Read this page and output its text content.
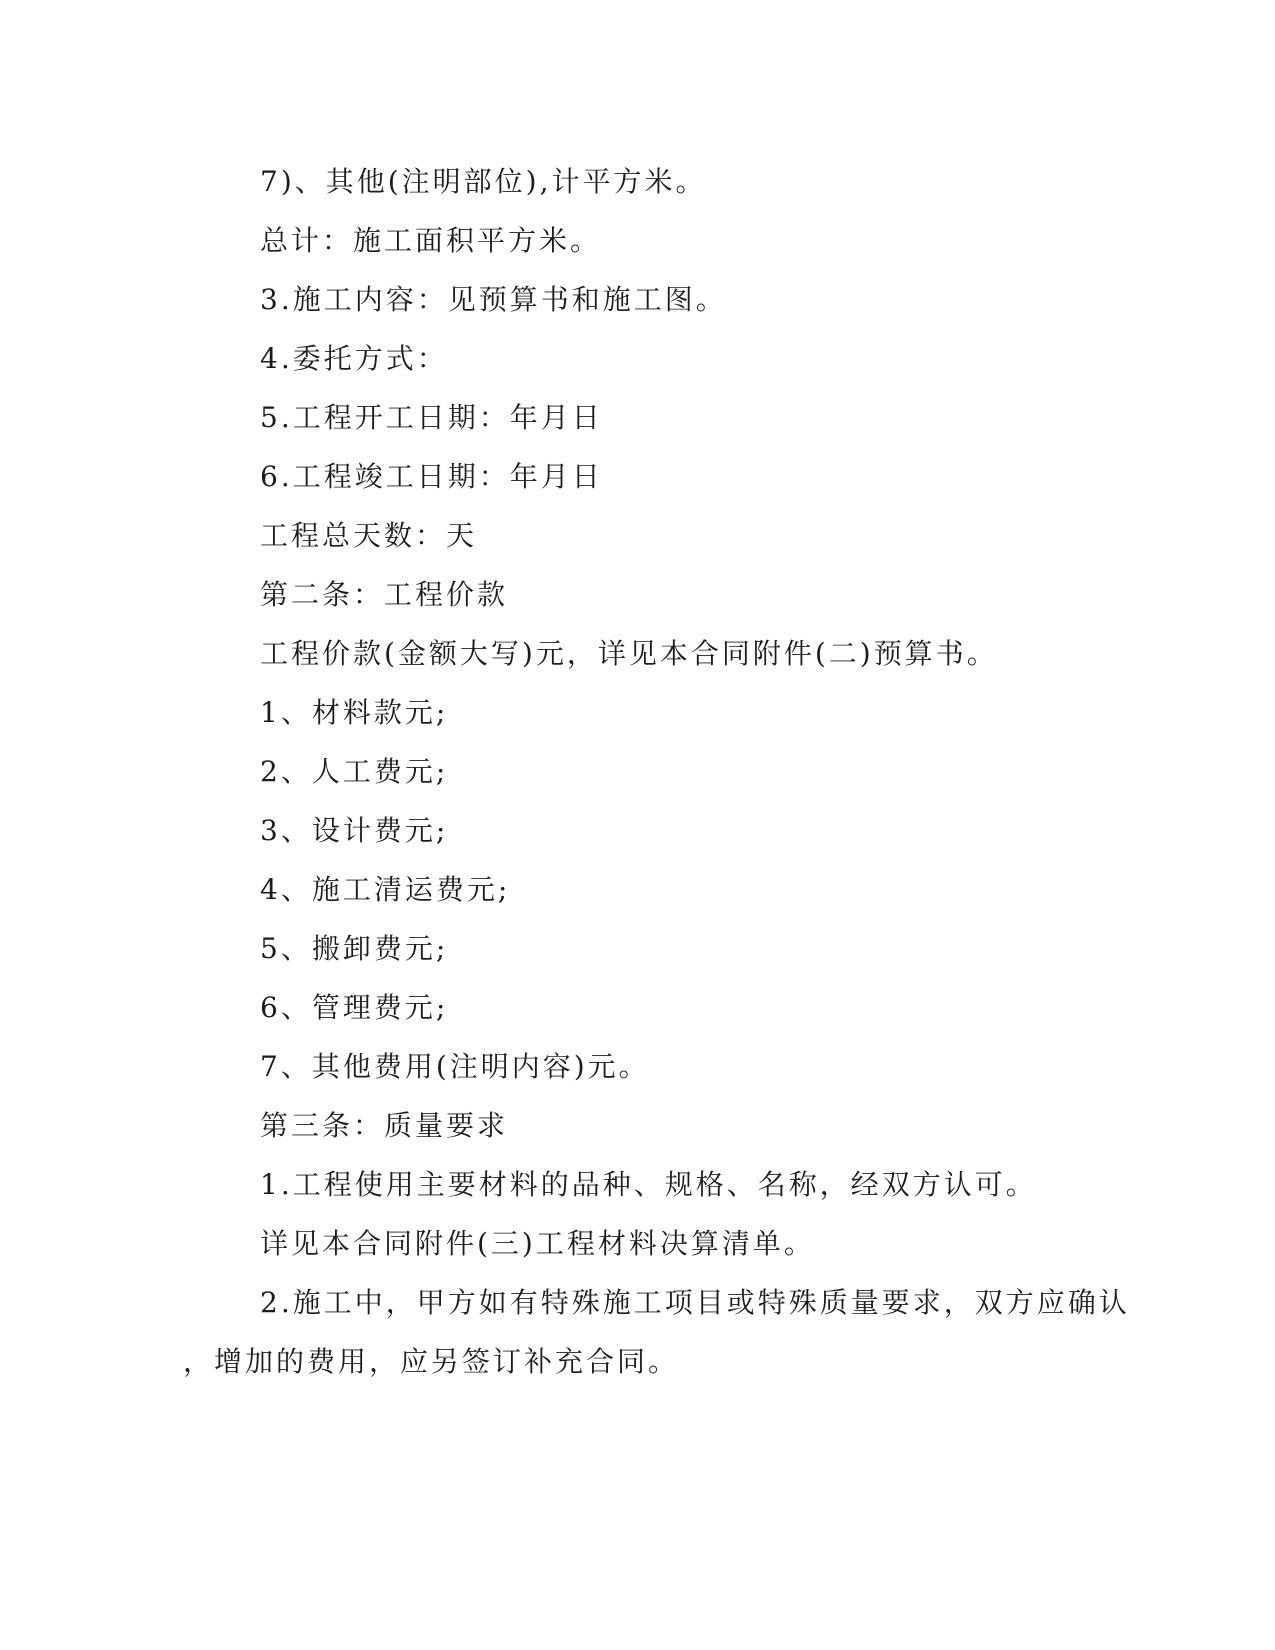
7)、其他(注明部位),计平方米。
总计：施工面积平方米。
3.施工内容：见预算书和施工图。
4.委托方式：
5.工程开工日期：年月日
6.工程竣工日期：年月日
工程总天数：天
第二条：工程价款
工程价款(金额大写)元，详见本合同附件(二)预算书。
1、材料款元;
2、人工费元;
3、设计费元;
4、施工清运费元;
5、搬卸费元;
6、管理费元;
7、其他费用(注明内容)元。
第三条：质量要求
1.工程使用主要材料的品种、规格、名称，经双方认可。
详见本合同附件(三)工程材料决算清单。
2.施工中，甲方如有特殊施工项目或特殊质量要求，双方应确认
，增加的费用，应另签订补充合同。
